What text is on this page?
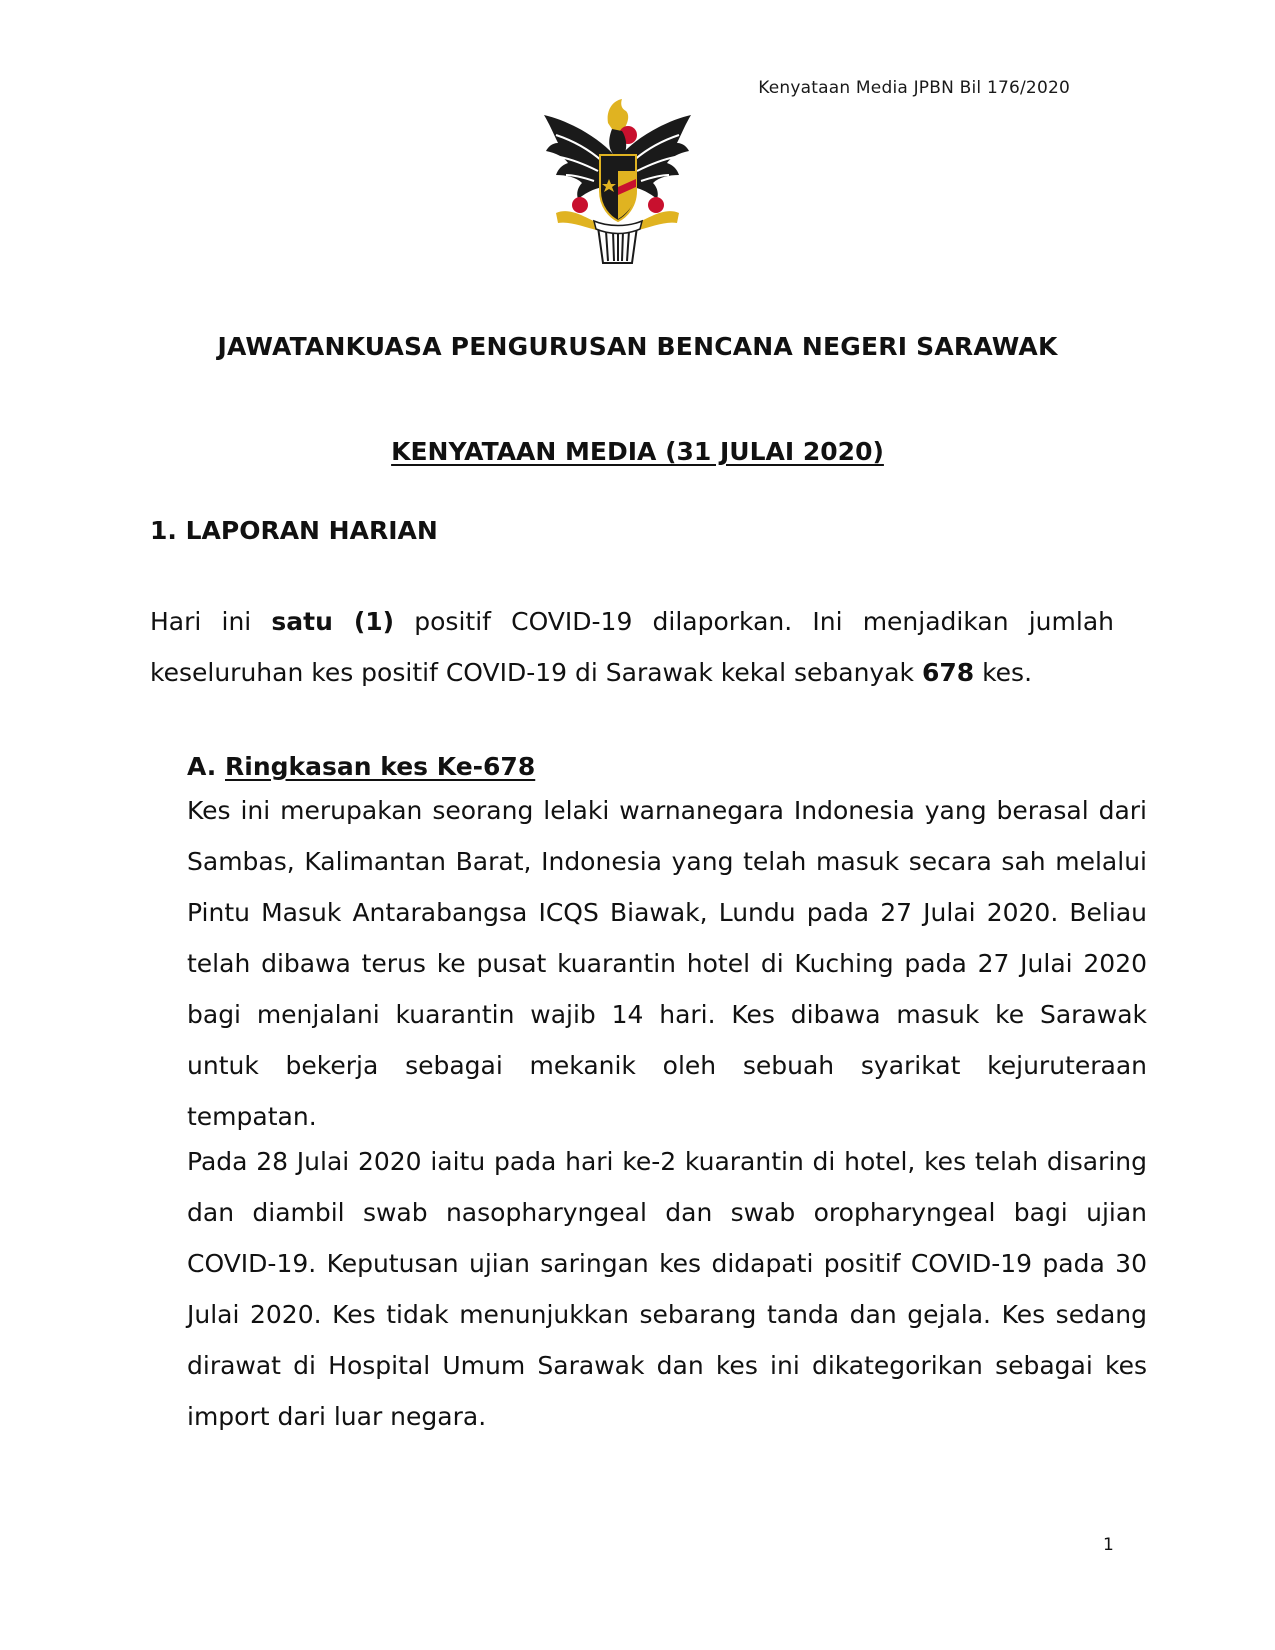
Kenyataan Media JPBN Bil 176/2020
JAWATANKUASA PENGURUSAN BENCANA NEGERI SARAWAK
KENYATAAN MEDIA (31 JULAI 2020)
1. LAPORAN HARIAN
Hari ini satu (1) positif COVID-19 dilaporkan. Ini menjadikan jumlah keseluruhan kes positif COVID-19 di Sarawak kekal sebanyak 678 kes.
A. Ringkasan kes Ke-678
Kes ini merupakan seorang lelaki warnanegara Indonesia yang berasal dari Sambas, Kalimantan Barat, Indonesia yang telah masuk secara sah melalui Pintu Masuk Antarabangsa ICQS Biawak, Lundu pada 27 Julai 2020. Beliau telah dibawa terus ke pusat kuarantin hotel di Kuching pada 27 Julai 2020 bagi menjalani kuarantin wajib 14 hari. Kes dibawa masuk ke Sarawak untuk bekerja sebagai mekanik oleh sebuah syarikat kejuruteraan tempatan.
Pada 28 Julai 2020 iaitu pada hari ke-2 kuarantin di hotel, kes telah disaring dan diambil swab nasopharyngeal dan swab oropharyngeal bagi ujian COVID-19. Keputusan ujian saringan kes didapati positif COVID-19 pada 30 Julai 2020. Kes tidak menunjukkan sebarang tanda dan gejala. Kes sedang dirawat di Hospital Umum Sarawak dan kes ini dikategorikan sebagai kes import dari luar negara.
1
